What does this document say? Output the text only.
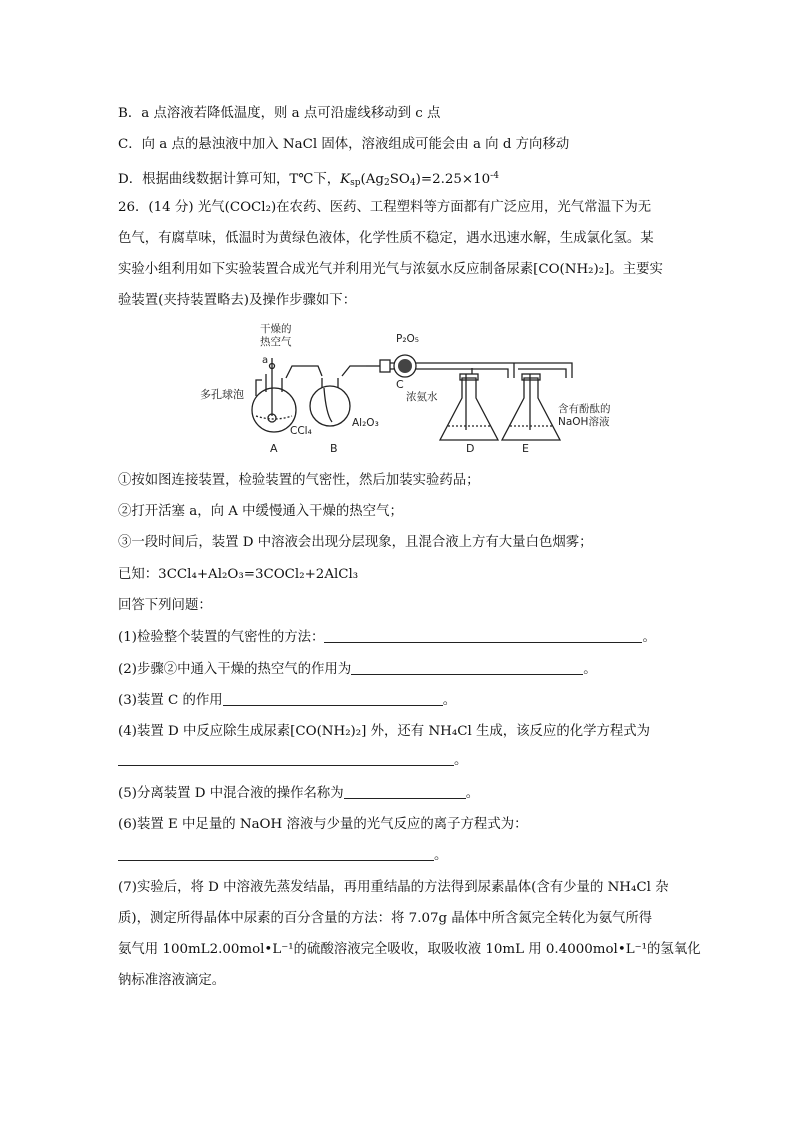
B．a 点溶液若降低温度，则 a 点可沿虚线移动到 c 点
C．向 a 点的悬浊液中加入 NaCl 固体，溶液组成可能会由 a 向 d 方向移动
D．根据曲线数据计算可知，T℃下，$K_{sp}(Ag_2SO_4)=2.25\times 10^{-4}$
26．(14 分) 光气(COCl₂)在农药、医药、工程塑料等方面都有广泛应用，光气常温下为无
色气，有腐草味，低温时为黄绿色液体，化学性质不稳定，遇水迅速水解，生成氯化氢。某
实验小组利用如下实验装置合成光气并利用光气与浓氨水反应制备尿素[CO(NH₂)₂]。主要实
验装置(夹持装置略去)及操作步骤如下：
干燥的
热空气
a
多孔球泡
CCl₄
Al₂O₃
P₂O₅
浓氨水
含有酚酞的
NaOH溶液
A	B
C
D	E
①按如图连接装置，检验装置的气密性，然后加装实验药品；
②打开活塞 a，向 A 中缓慢通入干燥的热空气；
③一段时间后，装置 D 中溶液会出现分层现象，且混合液上方有大量白色烟雾；
已知：3CCl₄+Al₂O₃=3COCl₂+2AlCl₃
回答下列问题：
(1)检验整个装置的气密性的方法：	。
(2)步骤②中通入干燥的热空气的作用为	。
(3)装置 C 的作用	。
(4)装置 D 中反应除生成尿素[CO(NH₂)₂] 外，还有 NH₄Cl 生成，该反应的化学方程式为
。
(5)分离装置 D 中混合液的操作名称为	。
(6)装置 E 中足量的 NaOH 溶液与少量的光气反应的离子方程式为：
。
(7)实验后，将 D 中溶液先蒸发结晶，再用重结晶的方法得到尿素晶体(含有少量的 NH₄Cl 杂
质)，测定所得晶体中尿素的百分含量的方法：将 7.07g 晶体中所含氮完全转化为氨气所得
氨气用 100mL2.00mol•L⁻¹的硫酸溶液完全吸收，取吸收液 10mL 用 0.4000mol•L⁻¹的氢氧化
钠标准溶液滴定。
